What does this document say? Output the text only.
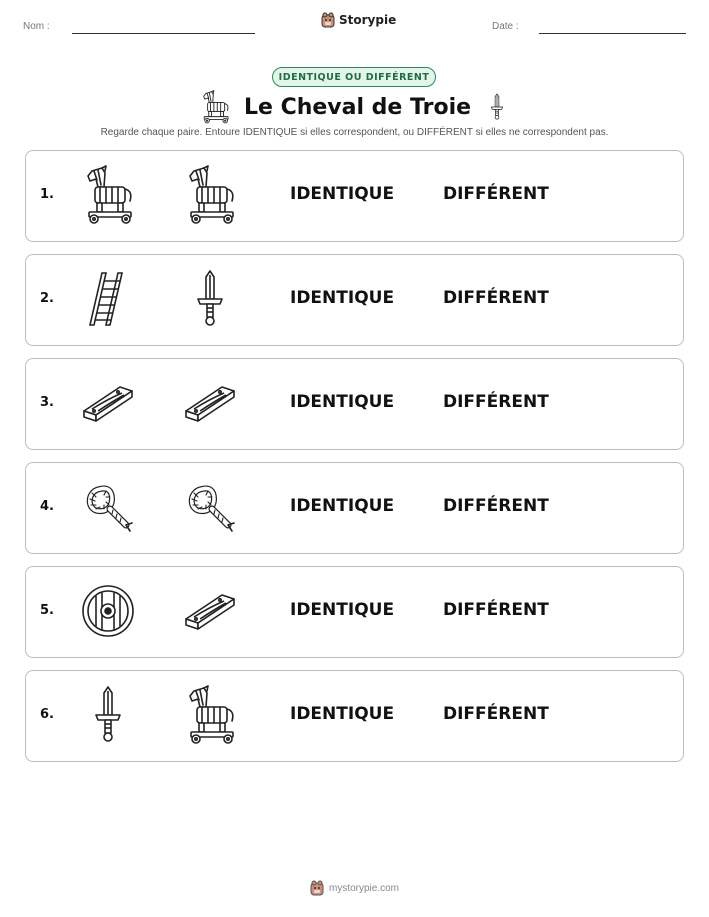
Nom :	Storypie	Date :
IDENTIQUE OU DIFFÉRENT
Le Cheval de Troie
Regarde chaque paire. Entoure IDENTIQUE si elles correspondent, ou DIFFÉRENT si elles ne correspondent pas.
1.	IDENTIQUE	DIFFÉRENT
2.	IDENTIQUE	DIFFÉRENT
3.	IDENTIQUE	DIFFÉRENT
4.	IDENTIQUE	DIFFÉRENT
5.	IDENTIQUE	DIFFÉRENT
6.	IDENTIQUE	DIFFÉRENT
mystorypie.com
